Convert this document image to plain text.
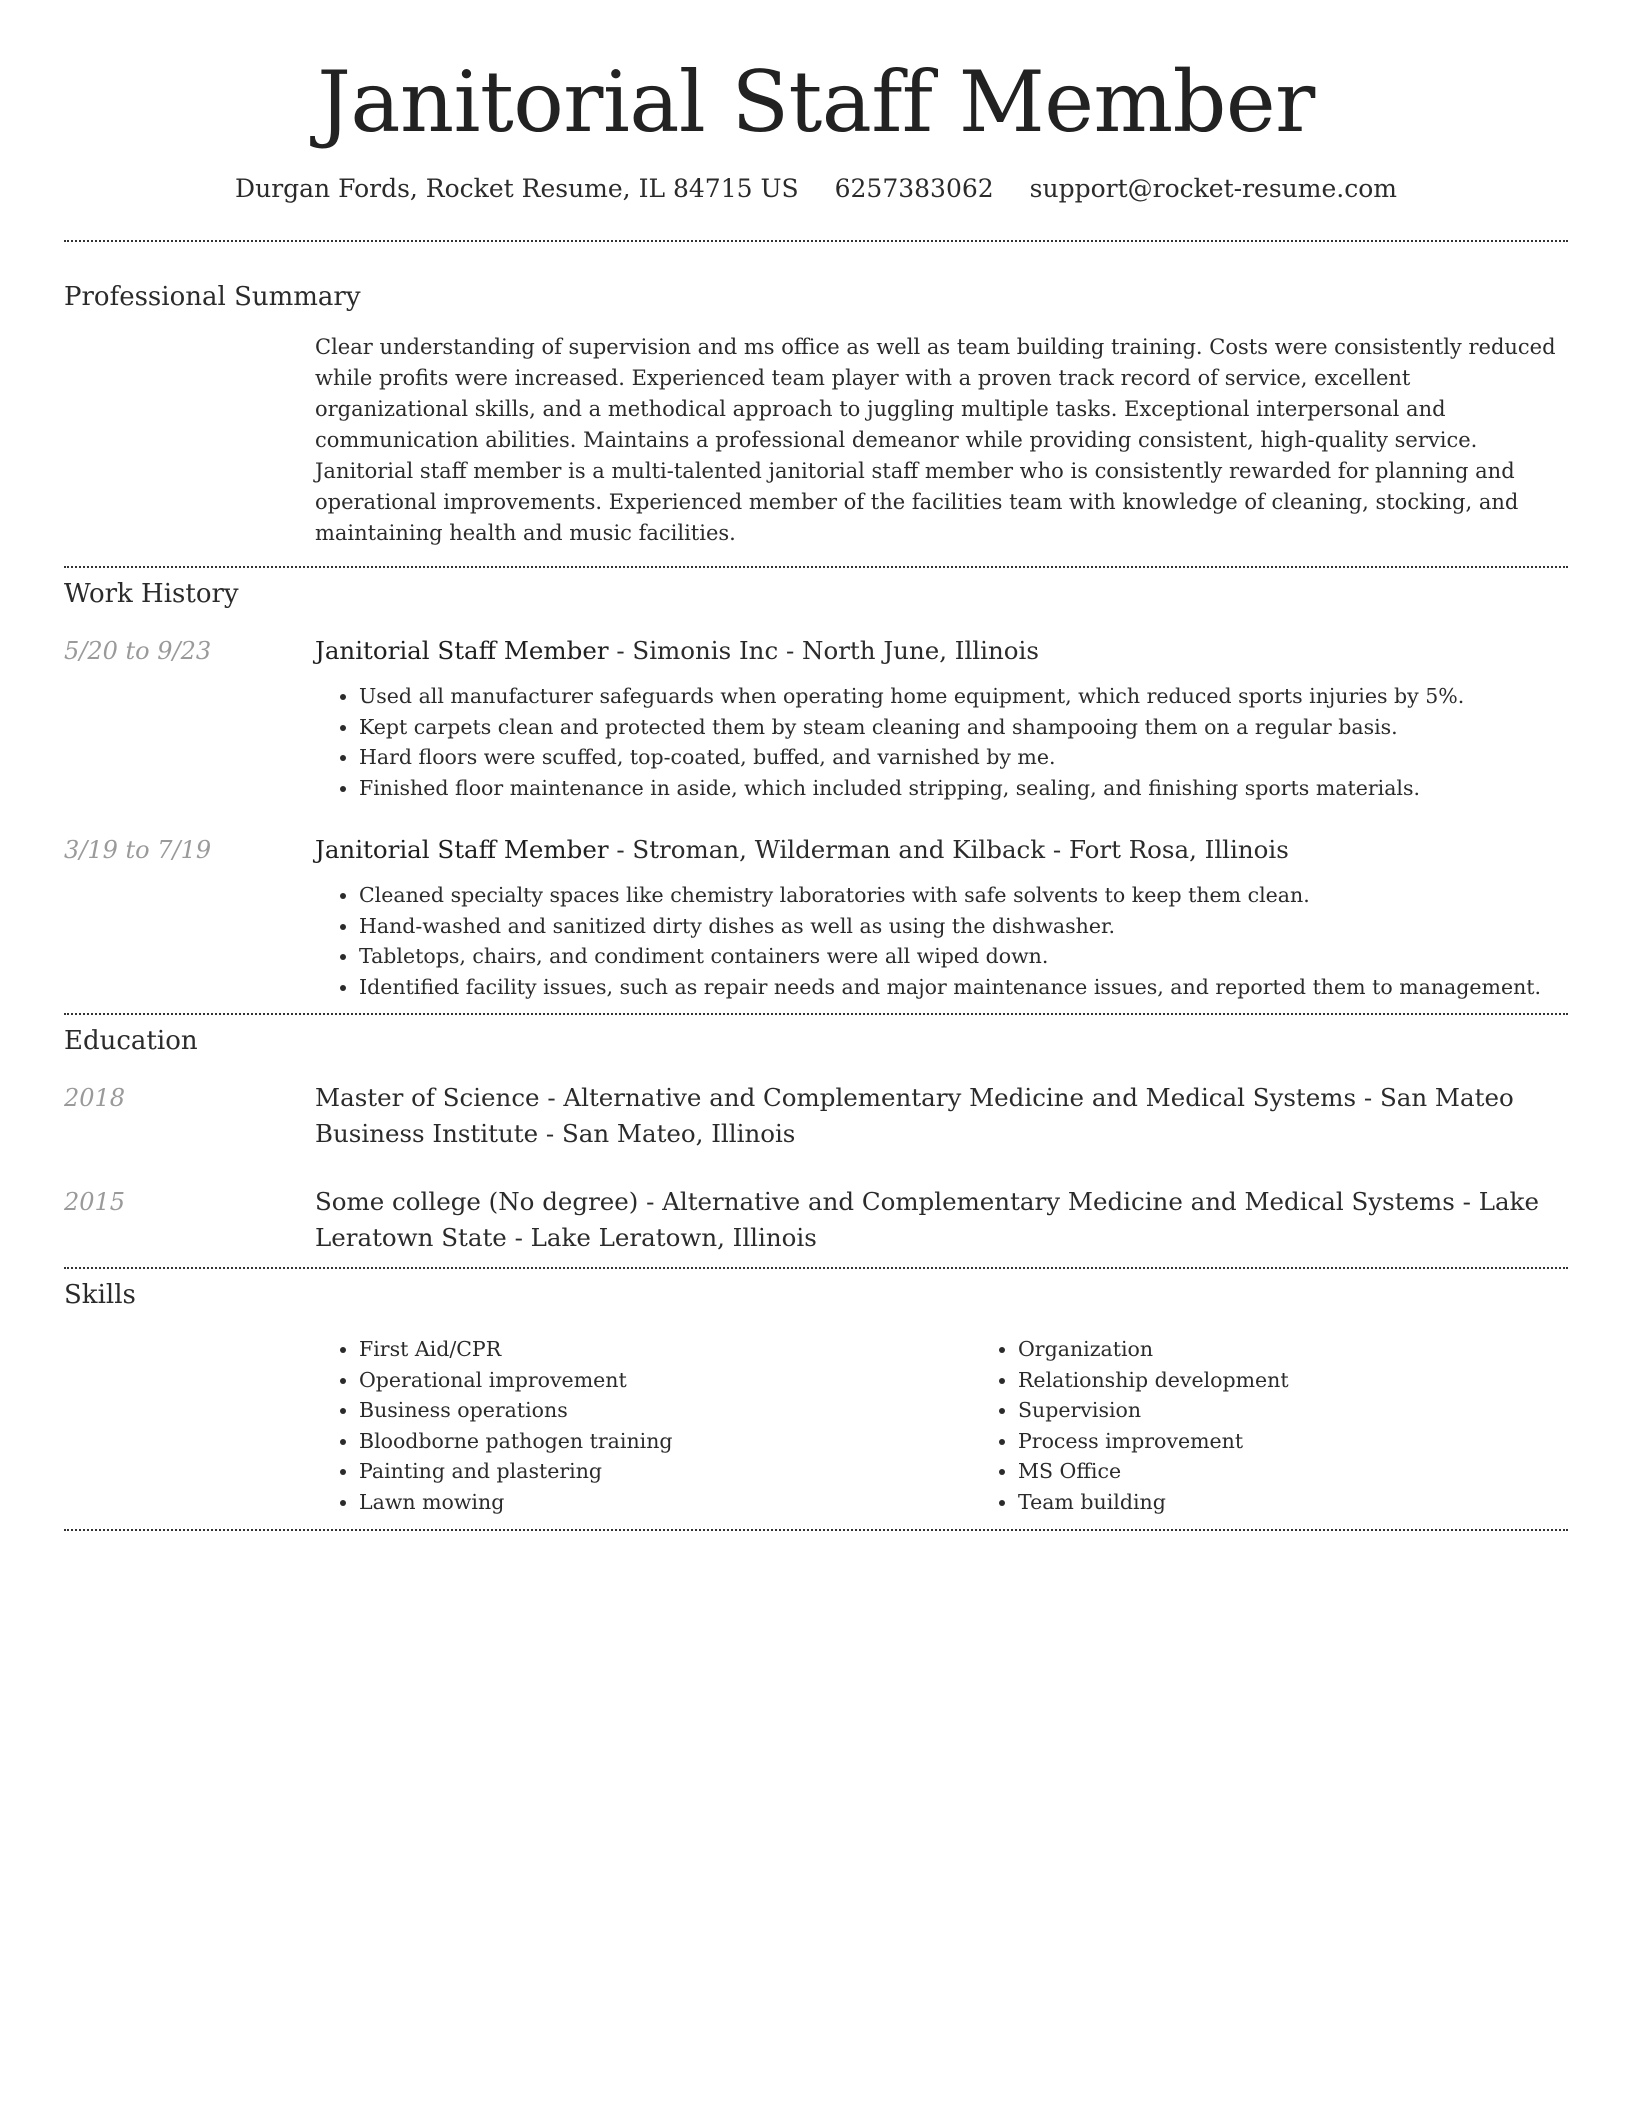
Janitorial Staff Member
Durgan Fords, Rocket Resume, IL 84715 US 6257383062 support@rocket-resume.com
Professional Summary

Clear understanding of supervision and ms office as well as team building training. Costs were consistently reduced while profits were increased. Experienced team player with a proven track record of service, excellent organizational skills, and a methodical approach to juggling multiple tasks. Exceptional interpersonal and communication abilities. Maintains a professional demeanor while providing consistent, high-quality service. Janitorial staff member is a multi-talented janitorial staff member who is consistently rewarded for planning and operational improvements. Experienced member of the facilities team with knowledge of cleaning, stocking, and maintaining health and music facilities.

Work History
5/20 to 9/23	Janitorial Staff Member - Simonis Inc - North June, Illinois

• Used all manufacturer safeguards when operating home equipment, which reduced sports injuries by 5%.
• Kept carpets clean and protected them by steam cleaning and shampooing them on a regular basis.
• Hard floors were scuffed, top-coated, buffed, and varnished by me.
• Finished floor maintenance in aside, which included stripping, sealing, and finishing sports materials.
3/19 to 7/19	Janitorial Staff Member - Stroman, Wilderman and Kilback - Fort Rosa, Illinois

• Cleaned specialty spaces like chemistry laboratories with safe solvents to keep them clean.
• Hand-washed and sanitized dirty dishes as well as using the dishwasher.
• Tabletops, chairs, and condiment containers were all wiped down.
• Identified facility issues, such as repair needs and major maintenance issues, and reported them to management.
Education
2018	Master of Science - Alternative and Complementary Medicine and Medical Systems - San Mateo Business Institute - San Mateo, Illinois

2015	Some college (No degree) - Alternative and Complementary Medicine and Medical Systems - Lake Leratown State - Lake Leratown, Illinois

Skills
• First Aid/CPR
• Operational improvement
• Business operations
• Bloodborne pathogen training
• Painting and plastering
• Lawn mowing
• Organization
• Relationship development
• Supervision
• Process improvement
• MS Office
• Team building
